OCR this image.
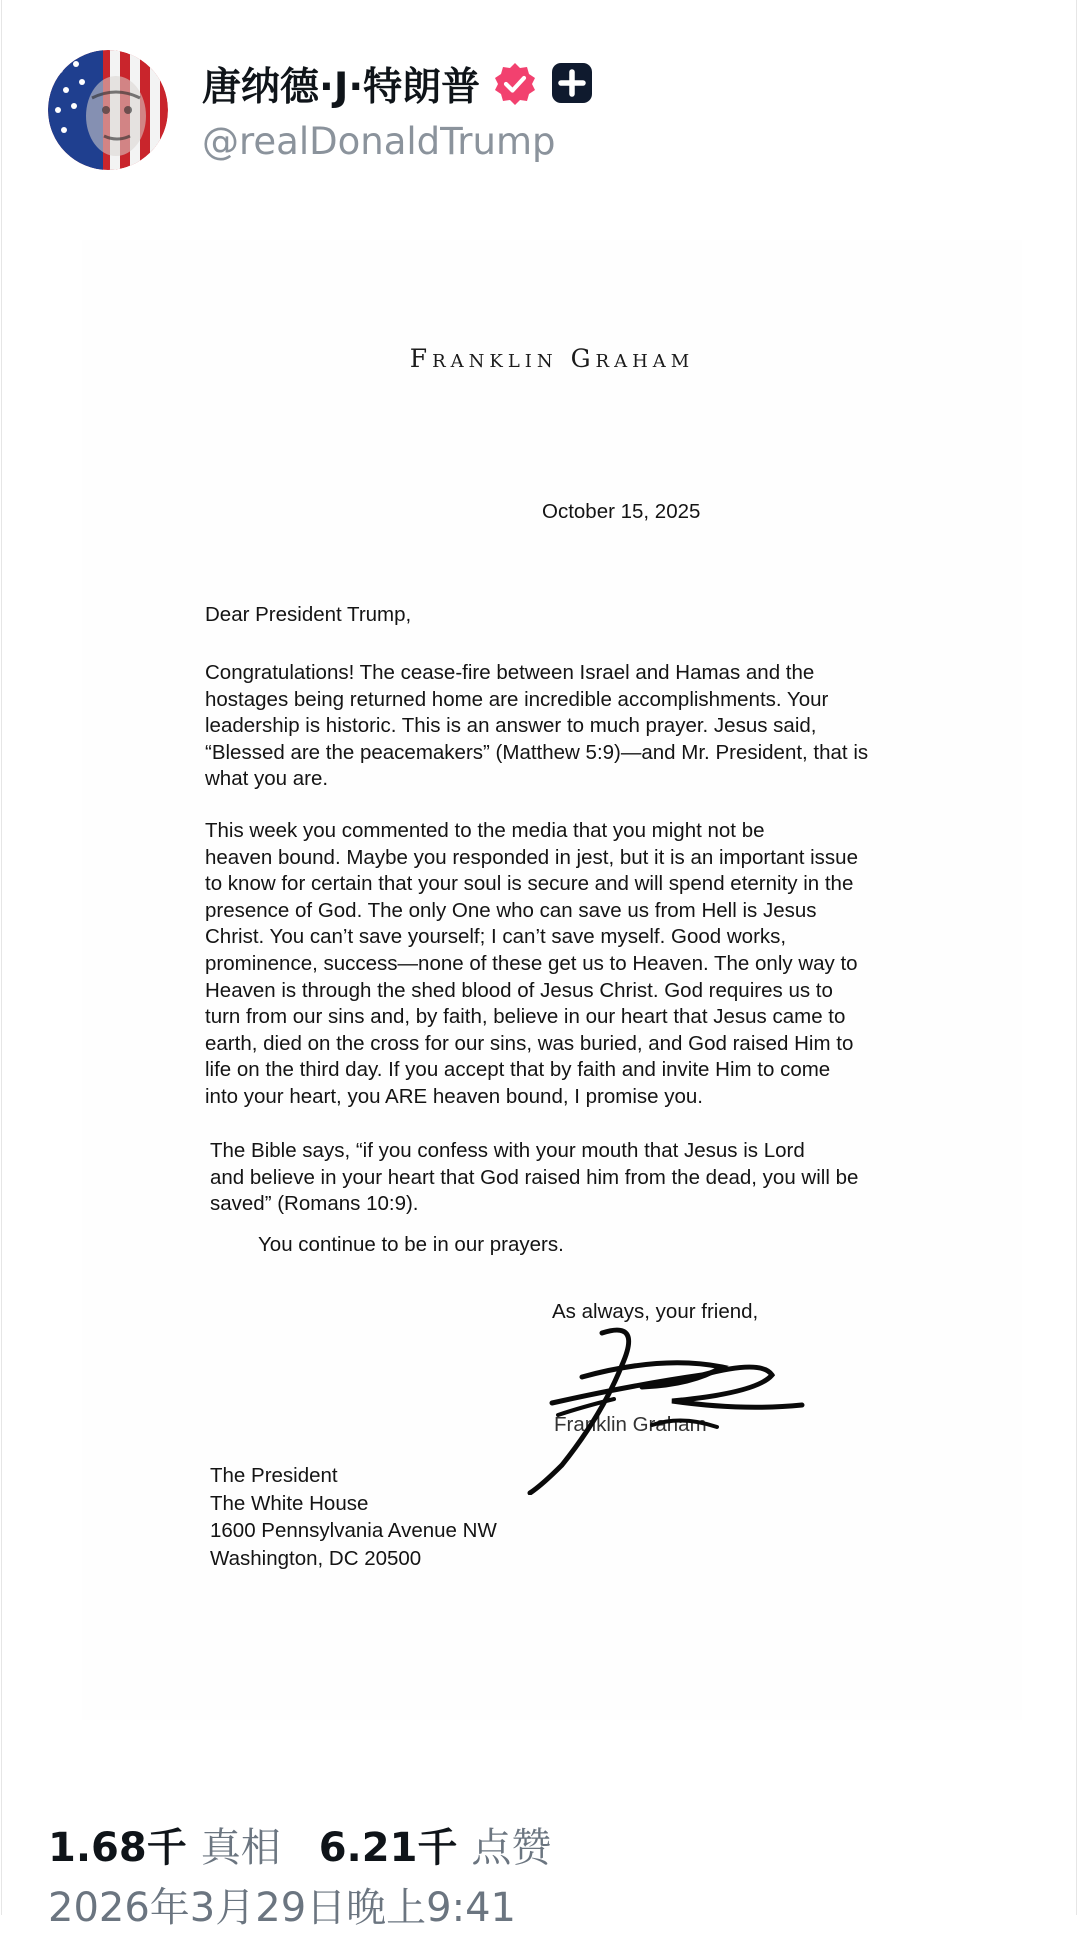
唐纳德·J·特朗普
@realDonaldTrump
Franklin Graham
October 15, 2025
Dear President Trump,
Congratulations! The cease-fire between Israel and Hamas and the
hostages being returned home are incredible accomplishments. Your
leadership is historic. This is an answer to much prayer. Jesus said,
“Blessed are the peacemakers” (Matthew 5:9)—and Mr. President, that is
what you are.
This week you commented to the media that you might not be
heaven bound. Maybe you responded in jest, but it is an important issue
to know for certain that your soul is secure and will spend eternity in the
presence of God. The only One who can save us from Hell is Jesus
Christ. You can’t save yourself; I can’t save myself. Good works,
prominence, success—none of these get us to Heaven. The only way to
Heaven is through the shed blood of Jesus Christ. God requires us to
turn from our sins and, by faith, believe in our heart that Jesus came to
earth, died on the cross for our sins, was buried, and God raised Him to
life on the third day. If you accept that by faith and invite Him to come
into your heart, you ARE heaven bound, I promise you.
The Bible says, “if you confess with your mouth that Jesus is Lord
and believe in your heart that God raised him from the dead, you will be
saved” (Romans 10:9).
You continue to be in our prayers.
As always, your friend,
Franklin Graham
The President
The White House
1600 Pennsylvania Avenue NW
Washington, DC 20500
1.68千 真相 6.21千 点赞
2026年3月29日晚上9:41
